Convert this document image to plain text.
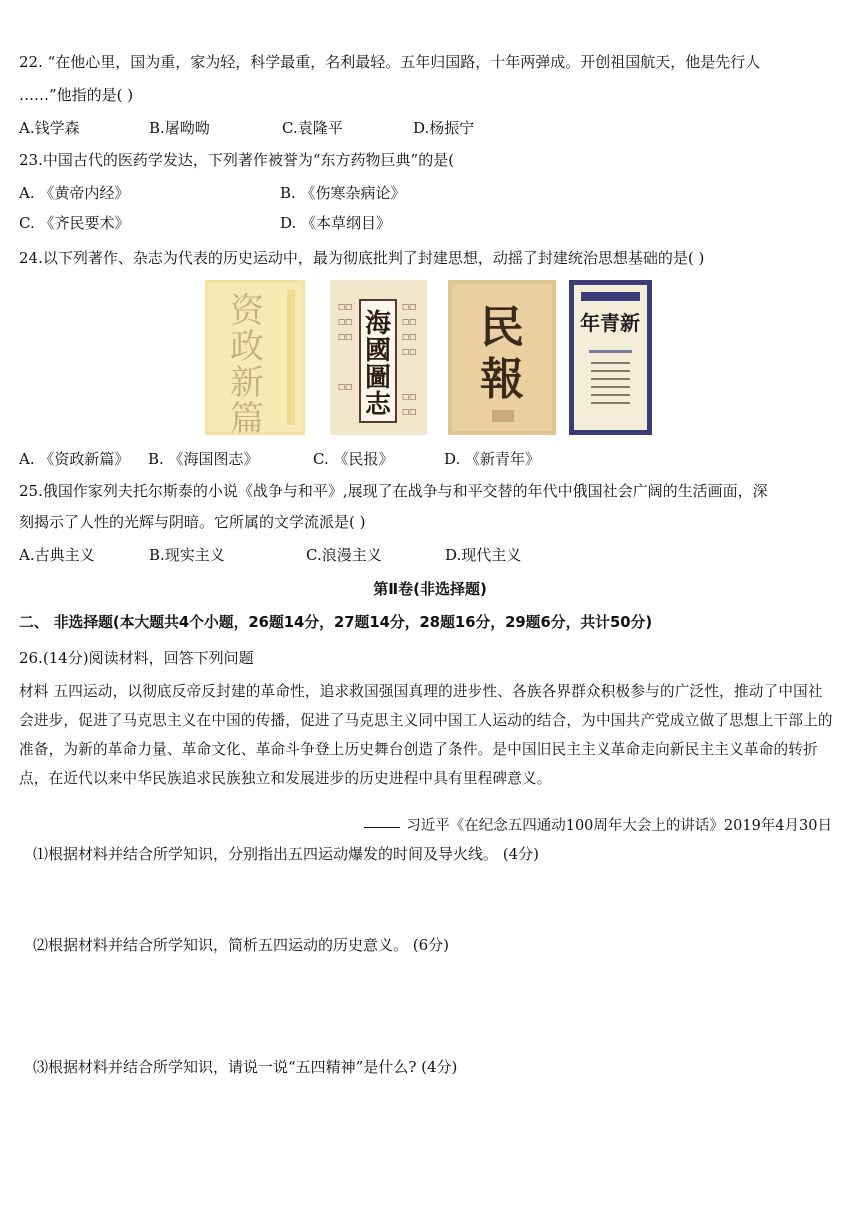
22. “在他心里，国为重，家为轻，科学最重，名利最轻。五年归国路，十年两弹成。开创祖国航天，他是先行人
……”他指的是( )
A.钱学森	B.屠呦呦	C.袁隆平	D.杨振宁
23.中国古代的医药学发达，下列著作被誉为“东方药物巨典”的是(
A. 《黄帝内经》	B. 《伤寒杂病论》
C. 《齐民要术》	D. 《本草纲目》
24.以下列著作、杂志为代表的历史运动中，最为彻底批判了封建思想，动摇了封建统治思想基础的是( )
资政新篇
☐☐
☐☐
☐☐
☐☐
☐☐
☐☐
☐☐
☐☐
☐☐
☐☐
海國圖志
民報
年青新
A. 《资政新篇》 B. 《海国图志》	C. 《民报》	D. 《新青年》
25.俄国作家列夫托尔斯泰的小说《战争与和平》,展现了在战争与和平交替的年代中俄国社会广阔的生活画面，深
刻揭示了人性的光辉与阴暗。它所属的文学流派是( )
A.古典主义	B.现实主义	C.浪漫主义	D.现代主义
第Ⅱ卷(非选择题)
二、 非选择题(本大题共4个小题，26题14分，27题14分，28题16分，29题6分，共计50分)
26.(14分)阅读材料，回答下列问题
材料 五四运动，以彻底反帝反封建的革命性，追求救国强国真理的进步性、各族各界群众积极参与的广泛性，推动了中国社会进步，促进了马克思主义在中国的传播，促进了马克思主义同中国工人运动的结合，为中国共产党成立做了思想上干部上的准备，为新的革命力量、革命文化、革命斗争登上历史舞台创造了条件。是中国旧民主主义革命走向新民主主义革命的转折点，在近代以来中华民族追求民族独立和发展进步的历史进程中具有里程碑意义。
习近平《在纪念五四通动100周年大会上的讲话》2019年4月30日
⑴根据材料并结合所学知识，分别指出五四运动爆发的时间及导火线。 (4分)
⑵根据材料并结合所学知识，简析五四运动的历史意义。 (6分)
⑶根据材料并结合所学知识，请说一说“五四精神”是什么? (4分)
